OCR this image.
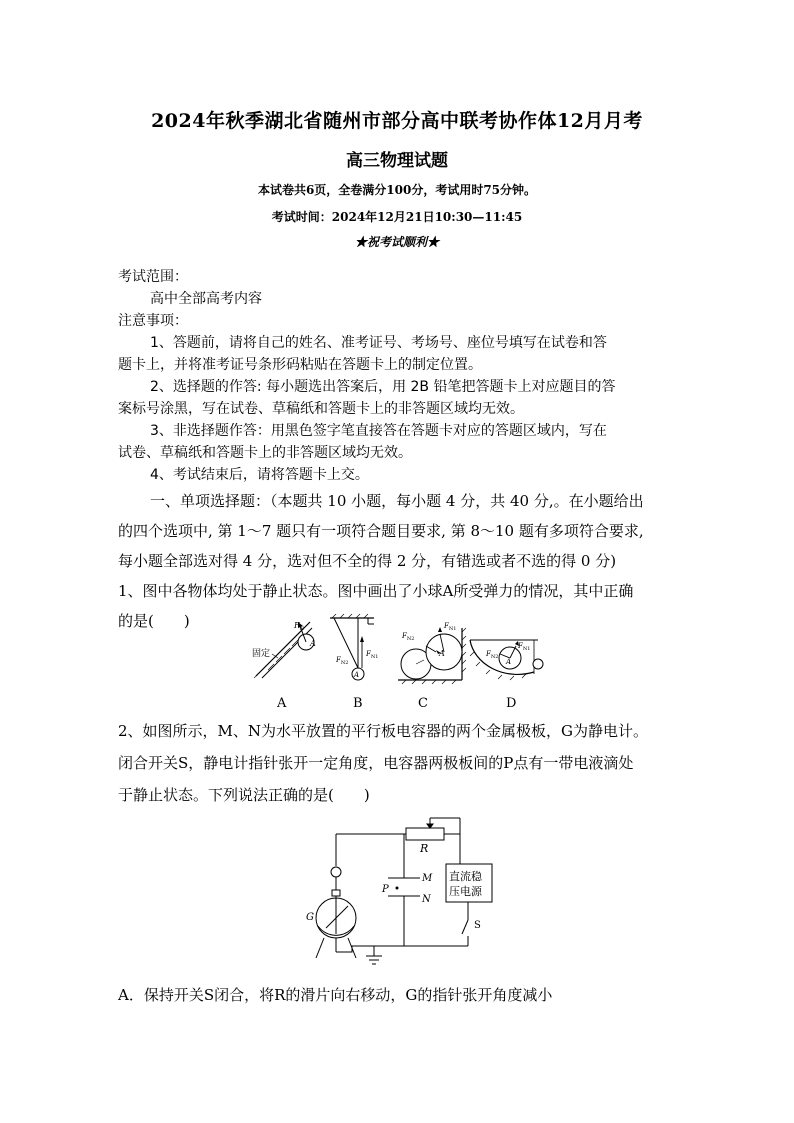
2024年秋季湖北省随州市部分高中联考协作体12月月考
高三物理试题
本试卷共6页，全卷满分100分，考试用时75分钟。
考试时间：2024年12月21日10:30—11:45
★祝考试顺利★
考试范围：
高中全部高考内容
注意事项：
1、答题前，请将自己的姓名、准考证号、考场号、座位号填写在试卷和答
题卡上，并将准考证号条形码粘贴在答题卡上的制定位置。
2、选择题的作答: 每小题选出答案后，用 2B 铅笔把答题卡上对应题目的答
案标号涂黑，写在试卷、草稿纸和答题卡上的非答题区域均无效。
3、非选择题作答：用黑色签字笔直接答在答题卡对应的答题区域内，写在
试卷、草稿纸和答题卡上的非答题区域均无效。
4、考试结束后，请将答题卡上交。
一、单项选择题：（本题共 10 小题，每小题 4 分，共 40 分,。在小题给出
的四个选项中, 第 1～7 题只有一项符合题目要求, 第 8～10 题有多项符合要求,
每小题全部选对得 4 分，选对但不全的得 2 分，有错选或者不选的得 0 分)
1、图中各物体均处于静止状态。图中画出了小球A所受弹力的情况，其中正确
的是(　　)	$F_N$
A
固定
A
$F_{N1}$
$F_{N2}$
A
$F_{N1}$
$F_{N2}$
A
$F_{N1}$
$F_{N2}$
A	B	C	D
2、如图所示，M、N为水平放置的平行板电容器的两个金属极板，G为静电计。
闭合开关S，静电计指针张开一定角度，电容器两极板间的P点有一带电液滴处
于静止状态。下列说法正确的是(　　)
R
M
N
P
G
S
直流稳
压电源
A．保持开关S闭合，将R的滑片向右移动，G的指针张开角度减小
